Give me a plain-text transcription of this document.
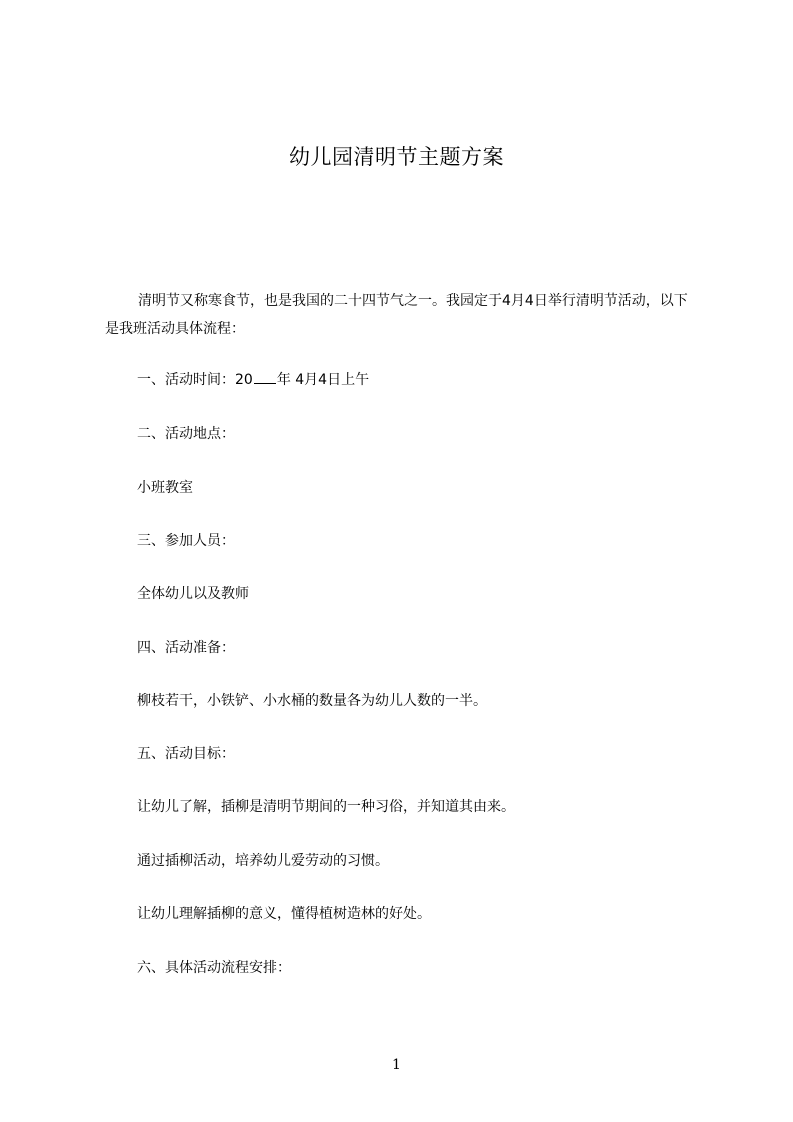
幼儿园清明节主题方案
清明节又称寒食节，也是我国的二十四节气之一。我园定于4月4日举行清明节活动，以下是我班活动具体流程：
一、活动时间：20 年 4月4日上午
二、活动地点：
小班教室
三、参加人员：
全体幼儿以及教师
四、活动准备：
柳枝若干，小铁铲、小水桶的数量各为幼儿人数的一半。
五、活动目标：
让幼儿了解，插柳是清明节期间的一种习俗，并知道其由来。
通过插柳活动，培养幼儿爱劳动的习惯。
让幼儿理解插柳的意义，懂得植树造林的好处。
六、具体活动流程安排：
1
